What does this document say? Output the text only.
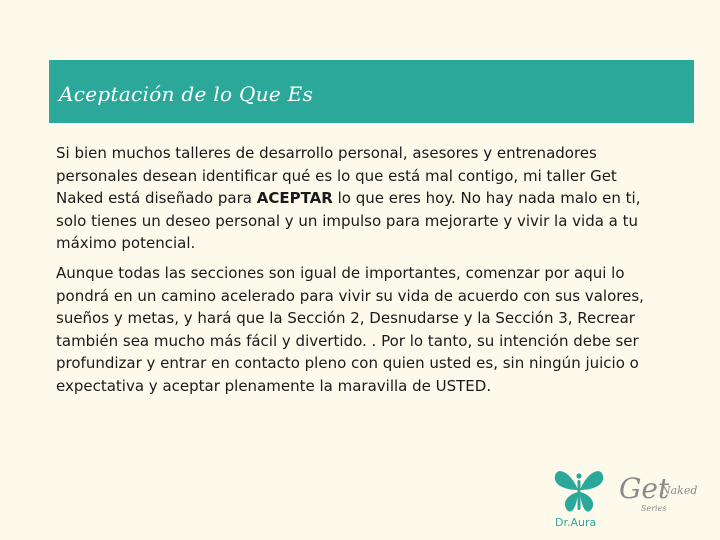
Aceptación de lo Que Es

Si bien muchos talleres de desarrollo personal, asesores y entrenadores personales desean identificar qué es lo que está mal contigo, mi taller Get Naked está diseñado para ACEPTAR lo que eres hoy. No hay nada malo en ti, solo tienes un deseo personal y un impulso para mejorarte y vivir la vida a tu máximo potencial.

Aunque todas las secciones son igual de importantes, comenzar por aqui lo pondrá en un camino acelerado para vivir su vida de acuerdo con sus valores, sueños y metas, y hará que la Sección 2, Desnudarse y la Sección 3, Recrear también sea mucho más fácil y divertido. . Por lo tanto, su intención debe ser profundizar y entrar en contacto pleno con quien usted es, sin ningún juicio o expectativa y aceptar plenamente la maravilla de USTED.

Dr.Aura
Get
Naked
Series
